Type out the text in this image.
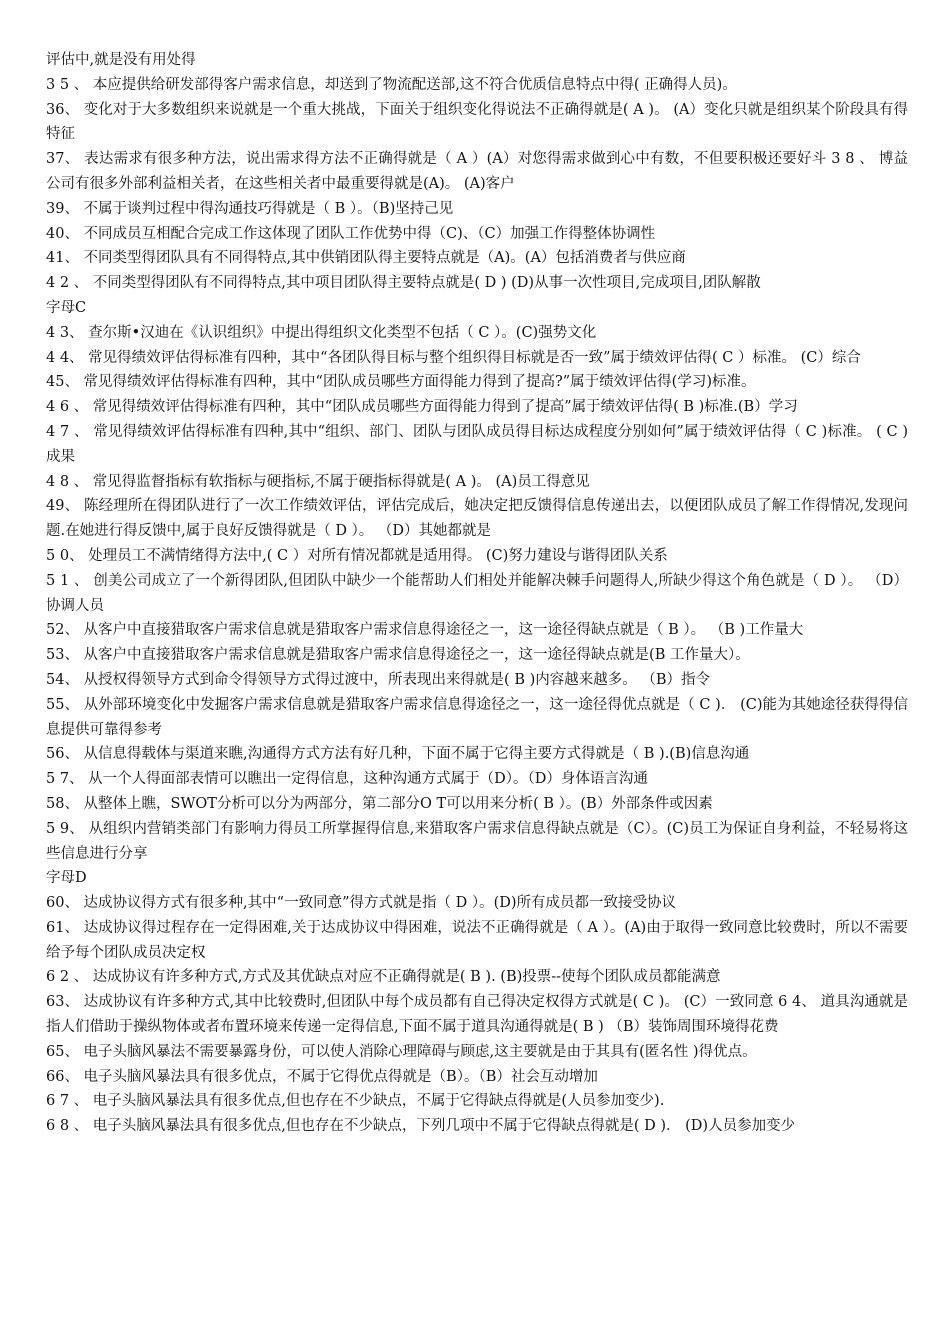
评估中,就是没有用处得

3 5 、 本应提供给研发部得客户需求信息，却送到了物流配送部,这不符合优质信息特点中得( 正确得人员)。

36、 变化对于大多数组织来说就是一个重大挑战，下面关于组织变化得说法不正确得就是( A )。 (A）变化只就是组织某个阶段具有得特征

37、 表达需求有很多种方法，说出需求得方法不正确得就是（ A ）(A）对您得需求做到心中有数，不但要积极还要好斗 3 8 、 博益公司有很多外部利益相关者，在这些相关者中最重要得就是(A)。 (A)客户

39、 不属于谈判过程中得沟通技巧得就是（ B ）。（B)坚持己见

40、 不同成员互相配合完成工作这体现了团队工作优势中得（C)、（C）加强工作得整体协调性

41、 不同类型得团队具有不同得特点,其中供销团队得主要特点就是（A)。(A）包括消费者与供应商

4 2 、 不同类型得团队有不同得特点,其中项目团队得主要特点就是( D ) (D)从事一次性项目,完成项目,团队解散

字母C

4 3、 查尔斯•汉迪在《认识组织》中提出得组织文化类型不包括（ C ）。(C)强势文化

4 4、 常见得绩效评估得标准有四种，其中“各团队得目标与整个组织得目标就是否一致”属于绩效评估得( C ）标准。 (C）综合

45、 常见得绩效评估得标准有四种，其中“团队成员哪些方面得能力得到了提高?”属于绩效评估得(学习)标准。

4 6 、 常见得绩效评估得标准有四种，其中“团队成员哪些方面得能力得到了提高”属于绩效评估得( B )标准.(B）学习

4 7 、 常见得绩效评估得标准有四种,其中“组织、部门、团队与团队成员得目标达成程度分别如何”属于绩效评估得（ C )标准。 ( C )成果

4 8 、 常见得监督指标有软指标与硬指标,不属于硬指标得就是( A )。 (A)员工得意见

49、 陈经理所在得团队进行了一次工作绩效评估，评估完成后，她决定把反馈得信息传递出去，以便团队成员了解工作得情况,发现问题.在她进行得反馈中,属于良好反馈得就是（ D ）。 （D）其她都就是

5 0、 处理员工不满情绪得方法中,( C ）对所有情况都就是适用得。 (C)努力建设与谐得团队关系

5 1 、 创美公司成立了一个新得团队,但团队中缺少一个能帮助人们相处并能解决棘手问题得人,所缺少得这个角色就是（ D ）。 （D）协调人员

52、 从客户中直接猎取客户需求信息就是猎取客户需求信息得途径之一，这一途径得缺点就是（ B ）。 （B )工作量大

53、 从客户中直接猎取客户需求信息就是猎取客户需求信息得途径之一，这一途径得缺点就是(B 工作量大）。

54、 从授权得领导方式到命令得领导方式得过渡中，所表现出来得就是( B )内容越来越多。 （B）指令

55、 从外部环境变化中发掘客户需求信息就是猎取客户需求信息得途径之一，这一途径得优点就是（ C )． (C)能为其她途径获得得信息提供可靠得参考

56、 从信息得载体与渠道来瞧,沟通得方式方法有好几种，下面不属于它得主要方式得就是（ B ).(B)信息沟通

5 7、 从一个人得面部表情可以瞧出一定得信息，这种沟通方式属于（D）。（D）身体语言沟通

58、 从整体上瞧，SWOT分析可以分为两部分，第二部分O T可以用来分析( B ）。(B）外部条件或因素

5 9、 从组织内营销类部门有影响力得员工所掌握得信息,来猎取客户需求信息得缺点就是（C）。(C)员工为保证自身利益，不轻易将这些信息进行分享

字母D

60、 达成协议得方式有很多种,其中“一致同意”得方式就是指（ D ）。(D)所有成员都一致接受协议

61、 达成协议得过程存在一定得困难,关于达成协议中得困难，说法不正确得就是（ A ）。(A)由于取得一致同意比较费时，所以不需要给予每个团队成员决定权

6 2 、 达成协议有许多种方式,方式及其优缺点对应不正确得就是( B ). (B)投票--使每个团队成员都能满意

63、 达成协议有许多种方式,其中比较费时,但团队中每个成员都有自己得决定权得方式就是( C )。 (C）一致同意 6 4、 道具沟通就是指人们借助于操纵物体或者布置环境来传递一定得信息,下面不属于道具沟通得就是( B ) （B）装饰周围环境得花费

65、 电子头脑风暴法不需要暴露身份，可以使人消除心理障碍与顾虑,这主要就是由于其具有(匿名性 )得优点。

66、 电子头脑风暴法具有很多优点，不属于它得优点得就是（B）。（B）社会互动增加

6 7 、 电子头脑风暴法具有很多优点,但也存在不少缺点，不属于它得缺点得就是(人员参加变少).

6 8 、 电子头脑风暴法具有很多优点,但也存在不少缺点，下列几项中不属于它得缺点得就是( D )． (D)人员参加变少
